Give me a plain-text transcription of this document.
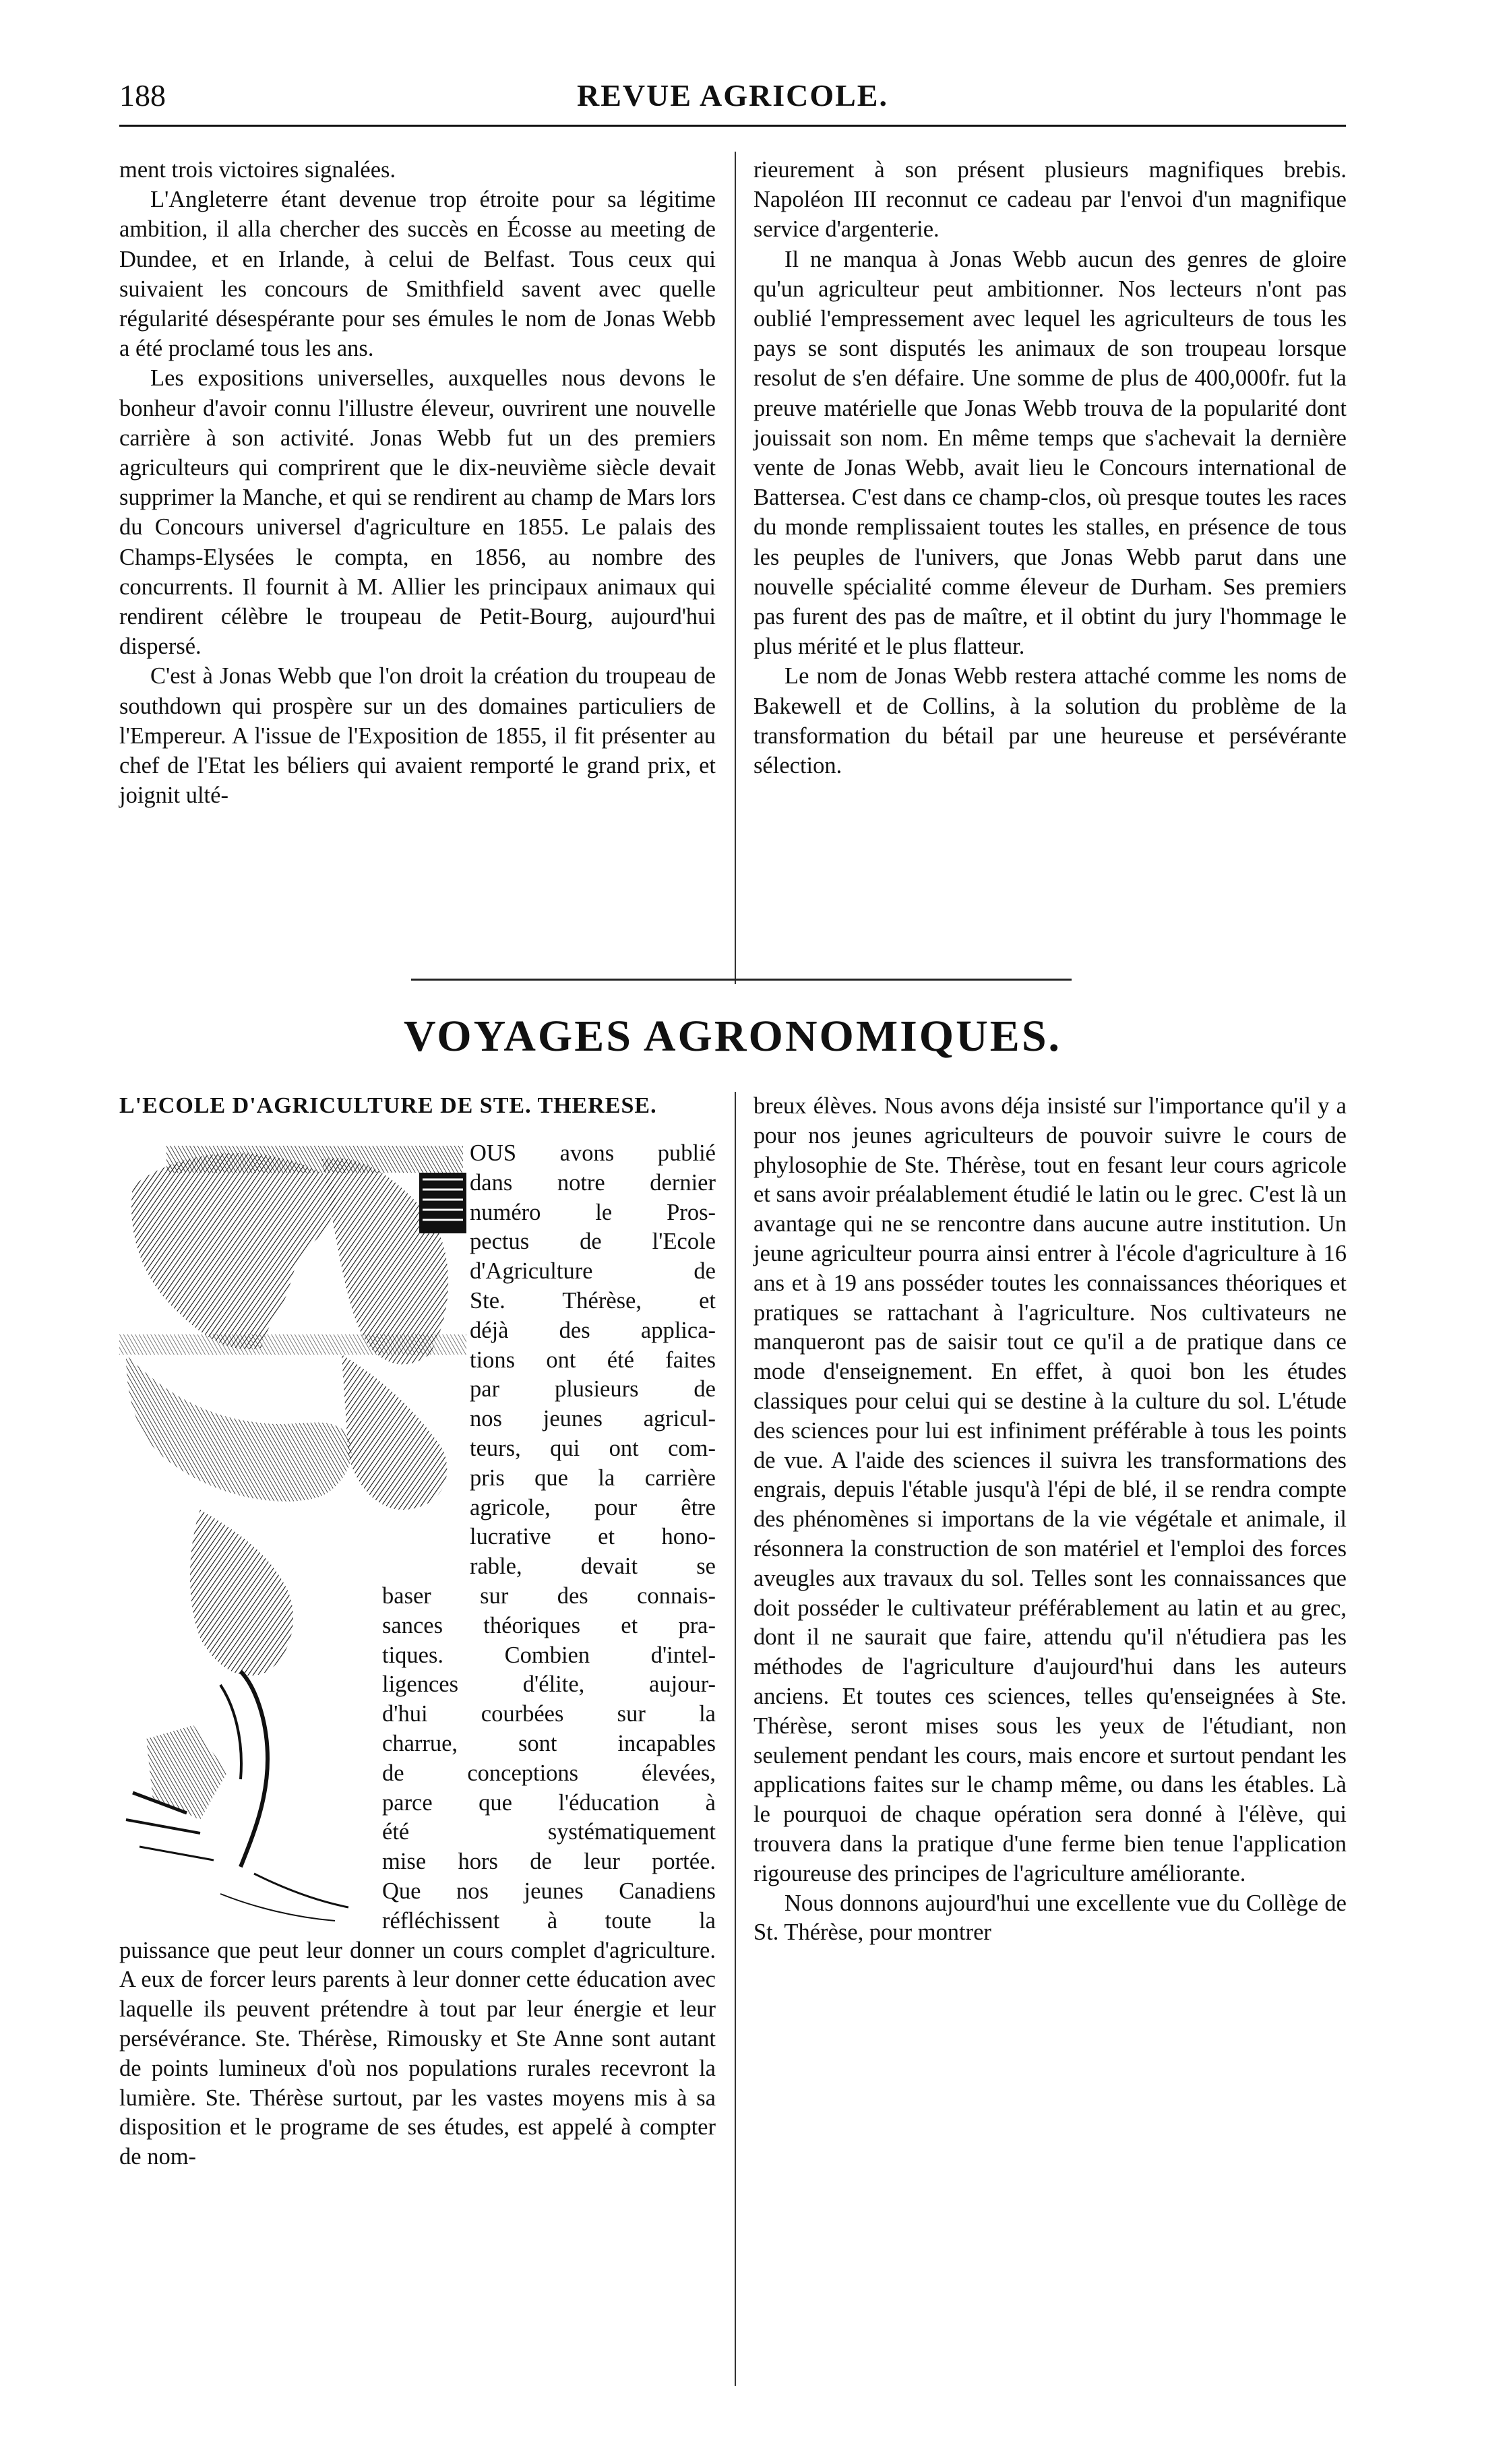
188	REVUE AGRICOLE.

ment trois victoires signalées.

L'Angleterre étant devenue trop étroite pour sa légitime ambition, il alla chercher des succès en Écosse au meeting de Dundee, et en Irlande, à celui de Belfast. Tous ceux qui suivaient les concours de Smithfield savent avec quelle régularité désespérante pour ses émules le nom de Jonas Webb a été proclamé tous les ans.

Les expositions universelles, auxquelles nous devons le bonheur d'avoir connu l'illustre éleveur, ouvrirent une nouvelle carrière à son activité. Jonas Webb fut un des premiers agriculteurs qui comprirent que le dix-neuvième siècle devait supprimer la Manche, et qui se rendirent au champ de Mars lors du Concours universel d'agriculture en 1855. Le palais des Champs-Elysées le compta, en 1856, au nombre des concurrents. Il fournit à M. Allier les principaux animaux qui rendirent célèbre le troupeau de Petit-Bourg, aujourd'hui dispersé.

C'est à Jonas Webb que l'on droit la création du troupeau de southdown qui prospère sur un des domaines particuliers de l'Empereur. A l'issue de l'Exposition de 1855, il fit présenter au chef de l'Etat les béliers qui avaient remporté le grand prix, et joignit ulté-

rieurement à son présent plusieurs magnifiques brebis. Napoléon III reconnut ce cadeau par l'envoi d'un magnifique service d'argenterie.

Il ne manqua à Jonas Webb aucun des genres de gloire qu'un agriculteur peut ambitionner. Nos lecteurs n'ont pas oublié l'empressement avec lequel les agriculteurs de tous les pays se sont disputés les animaux de son troupeau lorsque resolut de s'en défaire. Une somme de plus de 400,000fr. fut la preuve matérielle que Jonas Webb trouva de la popularité dont jouissait son nom. En même temps que s'achevait la dernière vente de Jonas Webb, avait lieu le Concours international de Battersea. C'est dans ce champ-clos, où presque toutes les races du monde remplissaient toutes les stalles, en présence de tous les peuples de l'univers, que Jonas Webb parut dans une nouvelle spécialité comme éleveur de Durham. Ses premiers pas furent des pas de maître, et il obtint du jury l'hommage le plus mérité et le plus flatteur.

Le nom de Jonas Webb restera attaché comme les noms de Bakewell et de Collins, à la solution du problème de la transformation du bétail par une heureuse et persévérante sélection.

VOYAGES AGRONOMIQUES.
L'ECOLE D'AGRICULTURE DE STE. THERESE.
OUS avons publié
dans notre dernier
numéro le Pros-
pectus de l'Ecole
d'Agriculture de
Ste. Thérèse, et
déjà des applica-
tions ont été faites
par plusieurs de
nos jeunes agricul-
teurs, qui ont com-
pris que la carrière
agricole, pour être
lucrative et hono-
rable, devait se
baser sur des connais-
sances théoriques et pra-
tiques. Combien d'intel-
ligences d'élite, aujour-
d'hui courbées sur la
charrue, sont incapables
de conceptions élevées,
parce que l'éducation à
été systématiquement
mise hors de leur portée.
Que nos jeunes Canadiens
réfléchissent à toute la
puissance que peut leur donner un cours complet d'agriculture. A eux de forcer leurs parents à leur donner cette éducation avec laquelle ils peuvent prétendre à tout par leur énergie et leur persévérance. Ste. Thérèse, Rimousky et Ste Anne sont autant de points lumineux d'où nos populations rurales recevront la lumière. Ste. Thérèse surtout, par les vastes moyens mis à sa disposition et le programe de ses études, est appelé à compter de nom-

breux élèves. Nous avons déja insisté sur l'importance qu'il y a pour nos jeunes agriculteurs de pouvoir suivre le cours de phylosophie de Ste. Thérèse, tout en fesant leur cours agricole et sans avoir préalablement étudié le latin ou le grec. C'est là un avantage qui ne se rencontre dans aucune autre institution. Un jeune agriculteur pourra ainsi entrer à l'école d'agriculture à 16 ans et à 19 ans posséder toutes les connaissances théoriques et pratiques se rattachant à l'agriculture. Nos cultivateurs ne manqueront pas de saisir tout ce qu'il a de pratique dans ce mode d'enseignement. En effet, à quoi bon les études classiques pour celui qui se destine à la culture du sol. L'étude des sciences pour lui est infiniment préférable à tous les points de vue. A l'aide des sciences il suivra les transformations des engrais, depuis l'étable jusqu'à l'épi de blé, il se rendra compte des phénomènes si importans de la vie végétale et animale, il résonnera la construction de son matériel et l'emploi des forces aveugles aux travaux du sol. Telles sont les connaissances que doit posséder le cultivateur préférablement au latin et au grec, dont il ne saurait que faire, attendu qu'il n'étudiera pas les méthodes de l'agriculture d'aujourd'hui dans les auteurs anciens. Et toutes ces sciences, telles qu'enseignées à Ste. Thérèse, seront mises sous les yeux de l'étudiant, non seulement pendant les cours, mais encore et surtout pendant les applications faites sur le champ même, ou dans les étables. Là le pourquoi de chaque opération sera donné à l'élève, qui trouvera dans la pratique d'une ferme bien tenue l'application rigoureuse des principes de l'agriculture améliorante.

Nous donnons aujourd'hui une excellente vue du Collège de St. Thérèse, pour montrer
